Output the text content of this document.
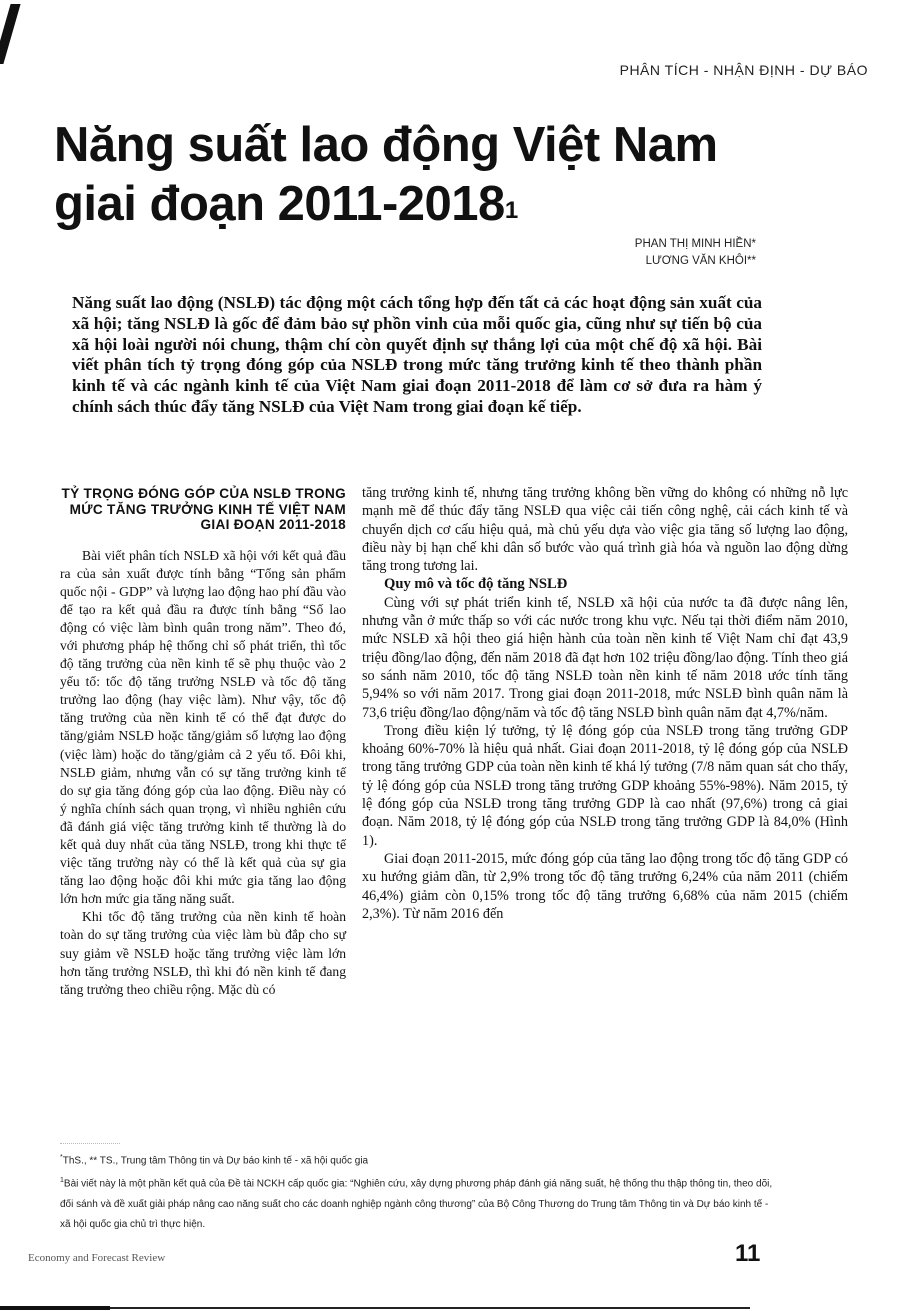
PHÂN TÍCH - NHẬN ĐỊNH - DỰ BÁO
Năng suất lao động Việt Nam
giai đoạn 2011-2018$^1$
PHAN THỊ MINH HIỀN*
LƯƠNG VĂN KHÔI**
Năng suất lao động (NSLĐ) tác động một cách tổng hợp đến tất cả các hoạt động sản xuất của xã hội; tăng NSLĐ là gốc để đảm bảo sự phồn vinh của mỗi quốc gia, cũng như sự tiến bộ của xã hội loài người nói chung, thậm chí còn quyết định sự thắng lợi của một chế độ xã hội. Bài viết phân tích tỷ trọng đóng góp của NSLĐ trong mức tăng trưởng kinh tế theo thành phần kinh tế và các ngành kinh tế của Việt Nam giai đoạn 2011-2018 để làm cơ sở đưa ra hàm ý chính sách thúc đẩy tăng NSLĐ của Việt Nam trong giai đoạn kế tiếp.
TỶ TRỌNG ĐÓNG GÓP CỦA NSLĐ TRONG MỨC TĂNG TRƯỞNG KINH TẾ VIỆT NAM GIAI ĐOẠN 2011-2018

Bài viết phân tích NSLĐ xã hội với kết quả đầu ra của sản xuất được tính bằng “Tổng sản phẩm quốc nội - GDP” và lượng lao động hao phí đầu vào để tạo ra kết quả đầu ra được tính bằng “Số lao động có việc làm bình quân trong năm”. Theo đó, với phương pháp hệ thống chỉ số phát triển, thì tốc độ tăng trưởng của nền kinh tế sẽ phụ thuộc vào 2 yếu tố: tốc độ tăng trưởng NSLĐ và tốc độ tăng trưởng lao động (hay việc làm). Như vậy, tốc độ tăng trưởng của nền kinh tế có thể đạt được do tăng/giảm NSLĐ hoặc tăng/giảm số lượng lao động (việc làm) hoặc do tăng/giảm cả 2 yếu tố. Đôi khi, NSLĐ giảm, nhưng vẫn có sự tăng trưởng kinh tế do sự gia tăng đóng góp của lao động. Điều này có ý nghĩa chính sách quan trọng, vì nhiều nghiên cứu đã đánh giá việc tăng trưởng kinh tế thường là do kết quả duy nhất của tăng NSLĐ, trong khi thực tế việc tăng trưởng này có thể là kết quả của sự gia tăng lao động hoặc đôi khi mức gia tăng lao động lớn hơn mức gia tăng năng suất.

Khi tốc độ tăng trưởng của nền kinh tế hoàn toàn do sự tăng trưởng của việc làm bù đắp cho sự suy giảm về NSLĐ hoặc tăng trưởng việc làm lớn hơn tăng trưởng NSLĐ, thì khi đó nền kinh tế đang tăng trưởng theo chiều rộng. Mặc dù có

tăng trưởng kinh tế, nhưng tăng trưởng không bền vững do không có những nỗ lực mạnh mẽ để thúc đẩy tăng NSLĐ qua việc cải tiến công nghệ, cải cách kinh tế và chuyển dịch cơ cấu hiệu quả, mà chủ yếu dựa vào việc gia tăng số lượng lao động, điều này bị hạn chế khi dân số bước vào quá trình già hóa và nguồn lao động dừng tăng trong tương lai.

Quy mô và tốc độ tăng NSLĐ

Cùng với sự phát triển kinh tế, NSLĐ xã hội của nước ta đã được nâng lên, nhưng vẫn ở mức thấp so với các nước trong khu vực. Nếu tại thời điểm năm 2010, mức NSLĐ xã hội theo giá hiện hành của toàn nền kinh tế Việt Nam chỉ đạt 43,9 triệu đồng/lao động, đến năm 2018 đã đạt hơn 102 triệu đồng/lao động. Tính theo giá so sánh năm 2010, tốc độ tăng NSLĐ toàn nền kinh tế năm 2018 ước tính tăng 5,94% so với năm 2017. Trong giai đoạn 2011-2018, mức NSLĐ bình quân năm là 73,6 triệu đồng/lao động/năm và tốc độ tăng NSLĐ bình quân năm đạt 4,7%/năm.

Trong điều kiện lý tưởng, tỷ lệ đóng góp của NSLĐ trong tăng trưởng GDP khoảng 60%-70% là hiệu quả nhất. Giai đoạn 2011-2018, tỷ lệ đóng góp của NSLĐ trong tăng trưởng GDP của toàn nền kinh tế khá lý tưởng (7/8 năm quan sát cho thấy, tỷ lệ đóng góp của NSLĐ trong tăng trưởng GDP khoảng 55%-98%). Năm 2015, tỷ lệ đóng góp của NSLĐ trong tăng trưởng GDP là cao nhất (97,6%) trong cả giai đoạn. Năm 2018, tỷ lệ đóng góp của NSLĐ trong tăng trưởng GDP là 84,0% (Hình 1).

Giai đoạn 2011-2015, mức đóng góp của tăng lao động trong tốc độ tăng GDP có xu hướng giảm dần, từ 2,9% trong tốc độ tăng trưởng 6,24% của năm 2011 (chiếm 46,4%) giảm còn 0,15% trong tốc độ tăng trưởng 6,68% của năm 2015 (chiếm 2,3%). Từ năm 2016 đến

*ThS., ** TS., Trung tâm Thông tin và Dự báo kinh tế - xã hội quốc gia
$^1$Bài viết này là một phần kết quả của Đề tài NCKH cấp quốc gia: “Nghiên cứu, xây dựng phương pháp đánh giá năng suất, hệ thống thu thập thông tin, theo dõi, đối sánh và đề xuất giải pháp nâng cao năng suất cho các doanh nghiệp ngành công thương” của Bộ Công Thương do Trung tâm Thông tin và Dự báo kinh tế - xã hội quốc gia chủ trì thực hiện.
Economy and Forecast Review	11
